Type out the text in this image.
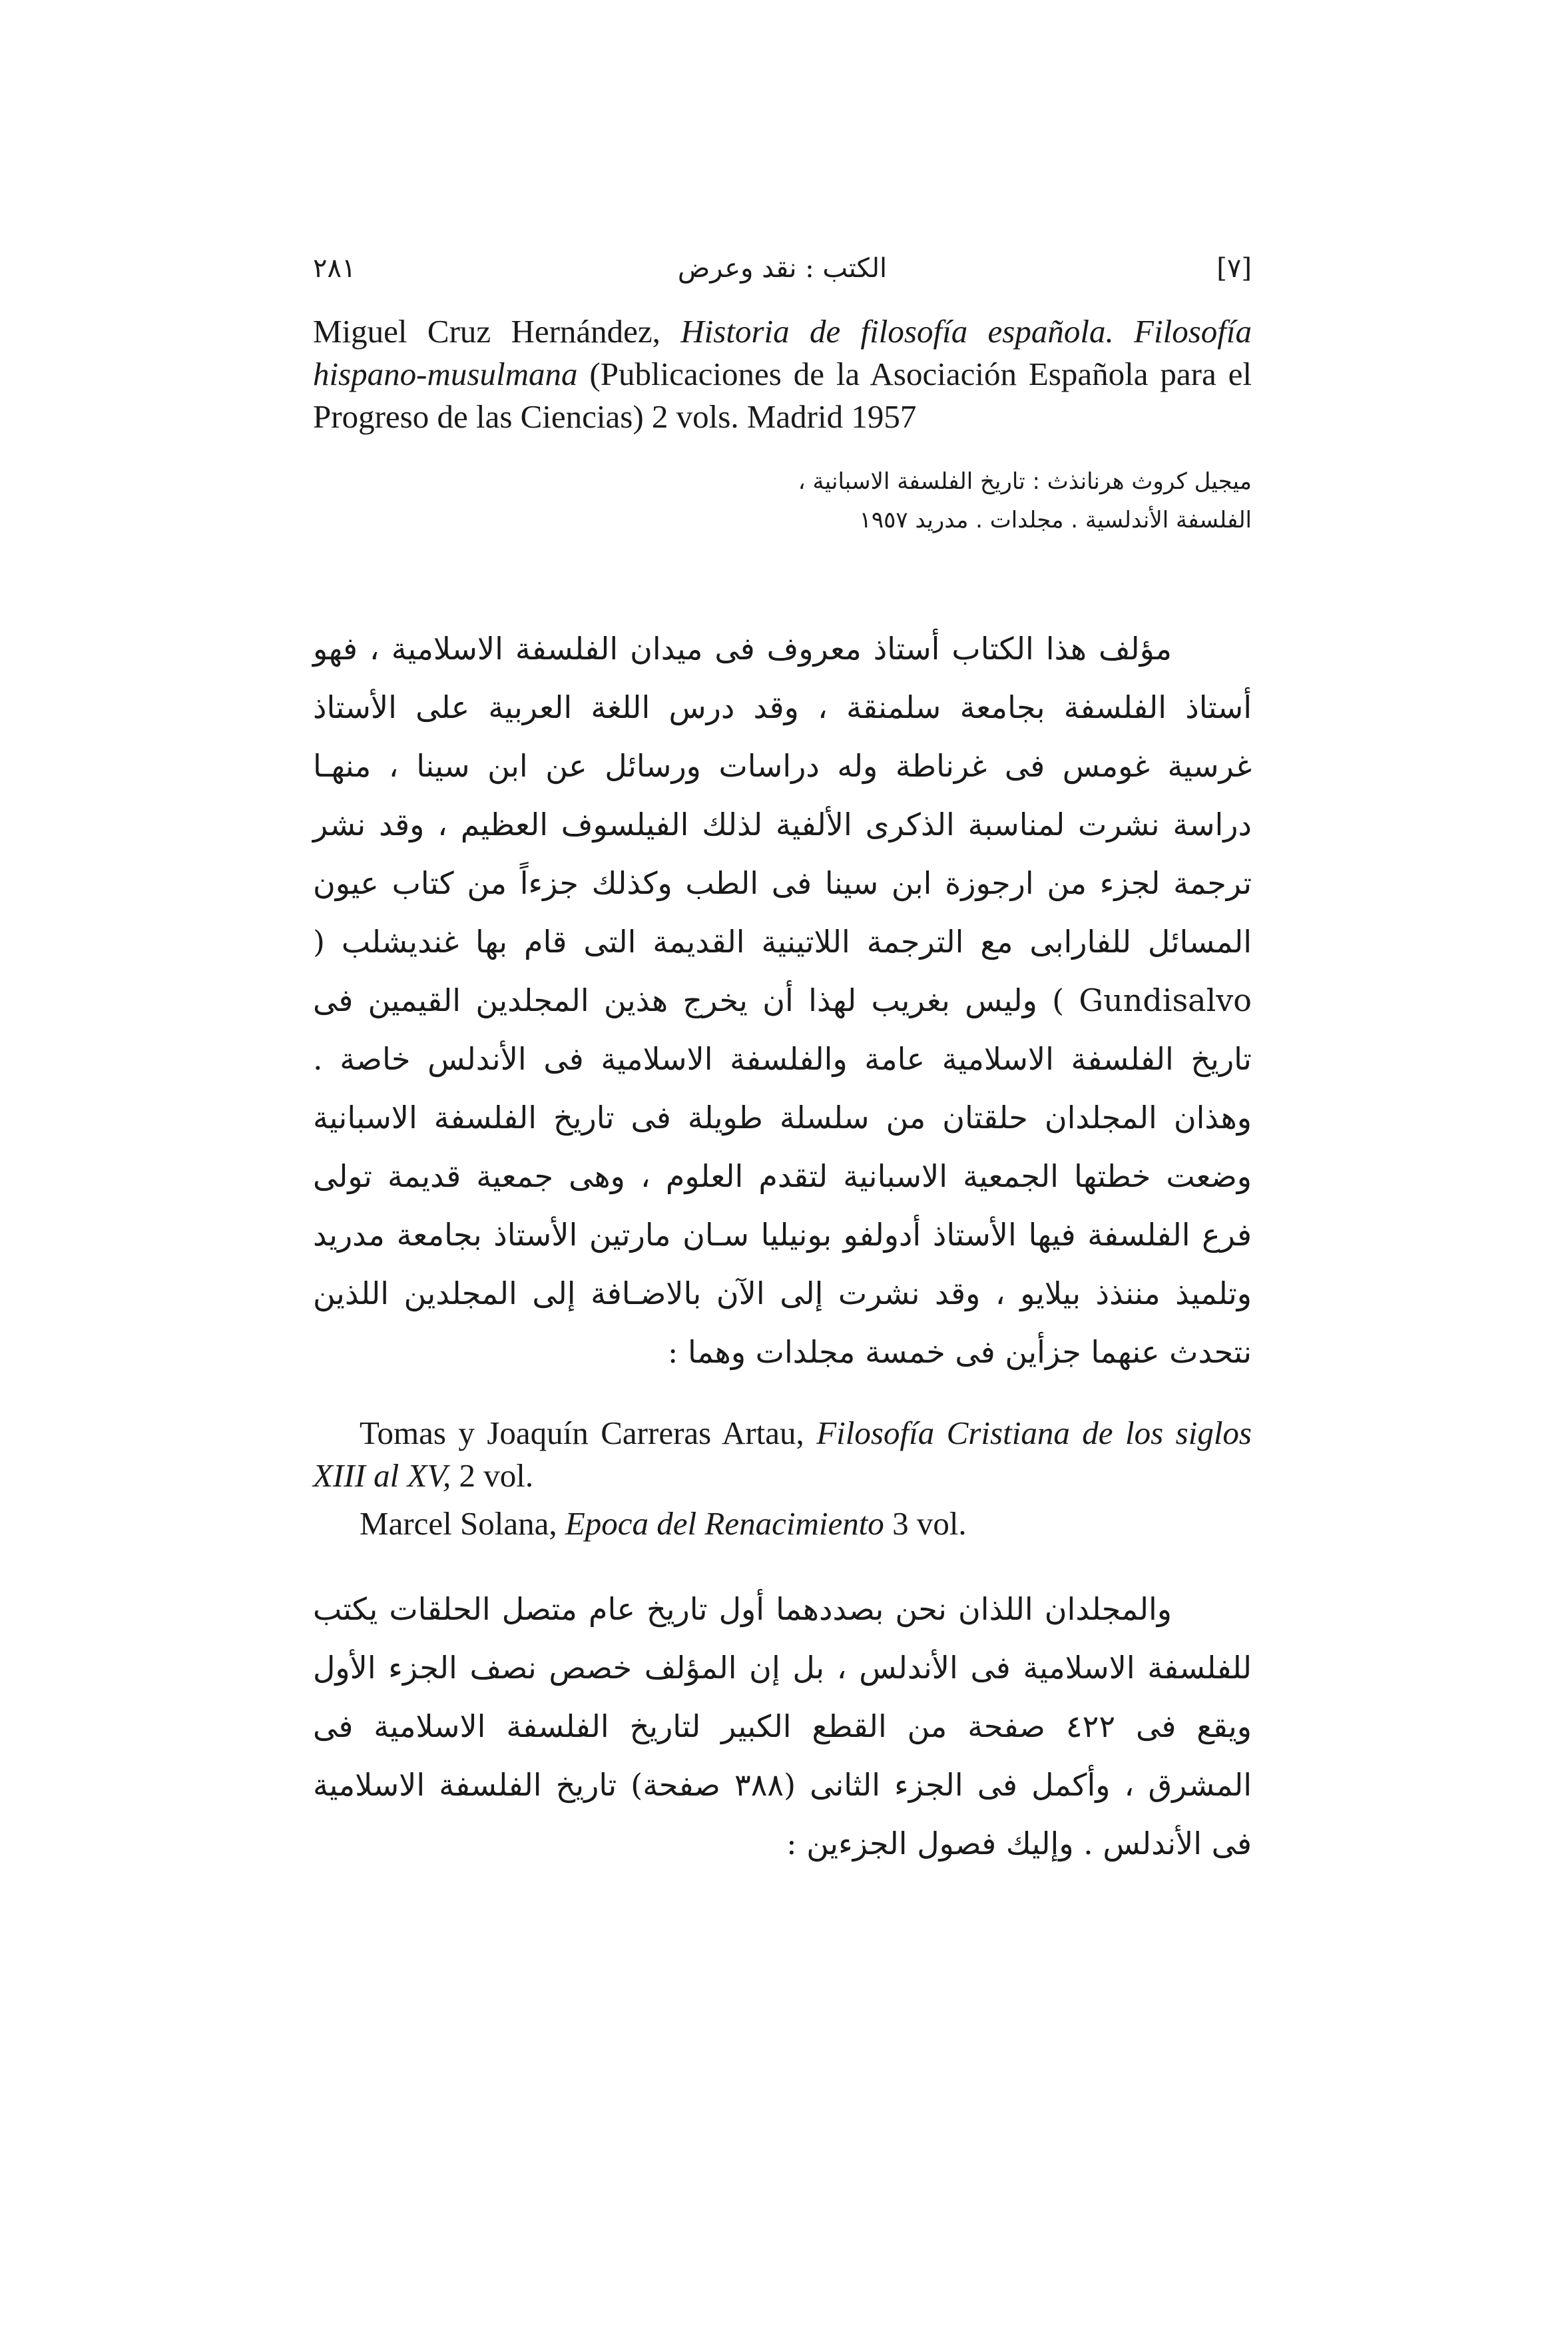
٢٨١	الكتب : نقد وعرض	[٧]
Miguel Cruz Hernández, Historia de filosofía española. Filosofía hispano-musulmana (Publicaciones de la Asociación Española para el Progreso de las Ciencias) 2 vols. Madrid 1957
ميجيل كروث هرنانذث : تاريخ الفلسفة الاسبانية ،
الفلسفة الأندلسية . مجلدات . مدريد ١٩٥٧

مؤلف هذا الكتاب أستاذ معروف فى ميدان الفلسفة الاسلامية ، فهو أستاذ الفلسفة بجامعة سلمنقة ، وقد درس اللغة العربية على الأستاذ غرسية غومس فى غرناطة وله دراسات ورسائل عن ابن سينا ، منهـا دراسة نشرت لمناسبة الذكرى الألفية لذلك الفيلسوف العظيم ، وقد نشر ترجمة لجزء من ارجوزة ابن سينا فى الطب وكذلك جزءاً من كتاب عيون المسائل للفارابى مع الترجمة اللاتينية القديمة التى قام بها غنديشلب ( Gundisalvo ) وليس بغريب لهذا أن يخرج هذين المجلدين القيمين فى تاريخ الفلسفة الاسلامية عامة والفلسفة الاسلامية فى الأندلس خاصة . وهذان المجلدان حلقتان من سلسلة طويلة فى تاريخ الفلسفة الاسبانية وضعت خطتها الجمعية الاسبانية لتقدم العلوم ، وهى جمعية قديمة تولى فرع الفلسفة فيها الأستاذ أدولفو بونيليا سـان مارتين الأستاذ بجامعة مدريد وتلميذ مننذذ بيلايو ، وقد نشرت إلى الآن بالاضـافة إلى المجلدين اللذين نتحدث عنهما جزأين فى خمسة مجلدات وهما :

Tomas y Joaquín Carreras Artau, Filosofía Cristiana de los siglos XIII al XV, 2 vol.

Marcel Solana, Epoca del Renacimiento 3 vol.

والمجلدان اللذان نحن بصددهما أول تاريخ عام متصل الحلقات يكتب للفلسفة الاسلامية فى الأندلس ، بل إن المؤلف خصص نصف الجزء الأول ويقع فى ٤٢٢ صفحة من القطع الكبير لتاريخ الفلسفة الاسلامية فى المشرق ، وأكمل فى الجزء الثانى (٣٨٨ صفحة) تاريخ الفلسفة الاسلامية فى الأندلس . وإليك فصول الجزءين :
